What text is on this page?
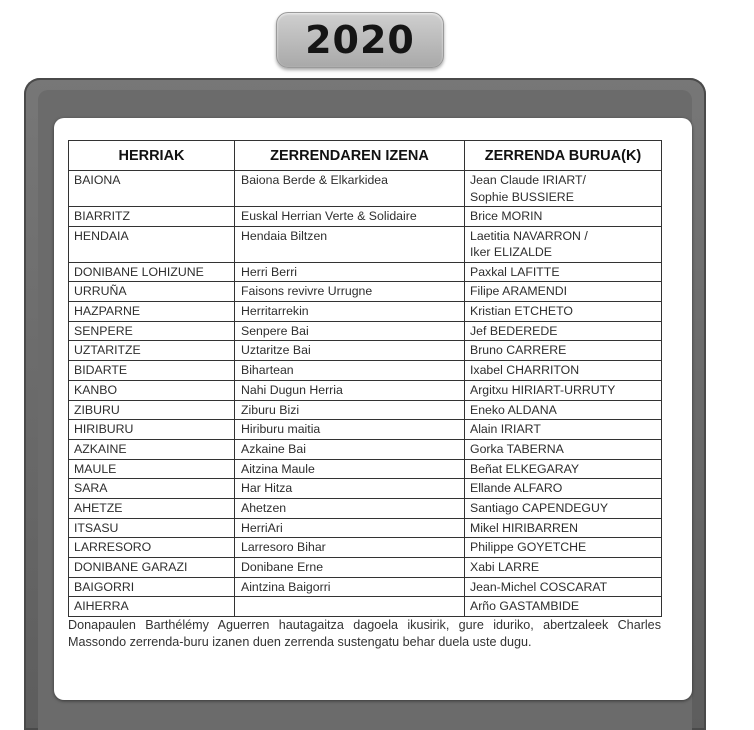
2020
HERRIAK	ZERRENDAREN IZENA	ZERRENDA BURUA(K)
BAIONA	Baiona Berde & Elkarkidea	Jean Claude IRIART/
Sophie BUSSIERE
BIARRITZ	Euskal Herrian Verte & Solidaire	Brice MORIN
HENDAIA	Hendaia Biltzen	Laetitia NAVARRON /
Iker ELIZALDE
DONIBANE LOHIZUNE	Herri Berri	Paxkal LAFITTE
URRUÑA	Faisons revivre Urrugne	Filipe ARAMENDI
HAZPARNE	Herritarrekin	Kristian ETCHETO
SENPERE	Senpere Bai	Jef BEDEREDE
UZTARITZE	Uztaritze Bai	Bruno CARRERE
BIDARTE	Bihartean	Ixabel CHARRITON
KANBO	Nahi Dugun Herria	Argitxu HIRIART-URRUTY
ZIBURU	Ziburu Bizi	Eneko ALDANA
HIRIBURU	Hiriburu maitia	Alain IRIART
AZKAINE	Azkaine Bai	Gorka TABERNA
MAULE	Aitzina Maule	Beñat ELKEGARAY
SARA	Har Hitza	Ellande ALFARO
AHETZE	Ahetzen	Santiago CAPENDEGUY
ITSASU	HerriAri	Mikel HIRIBARREN
LARRESORO	Larresoro Bihar	Philippe GOYETCHE
DONIBANE GARAZI	Donibane Erne	Xabi LARRE
BAIGORRI	Aintzina Baigorri	Jean-Michel COSCARAT
AIHERRA		Arño GASTAMBIDE
Donapaulen Barthélémy Aguerren hautagaitza dagoela ikusirik, gure iduriko, abertzaleek Charles Massondo zerrenda-buru izanen duen zerrenda sustengatu behar duela uste dugu.
